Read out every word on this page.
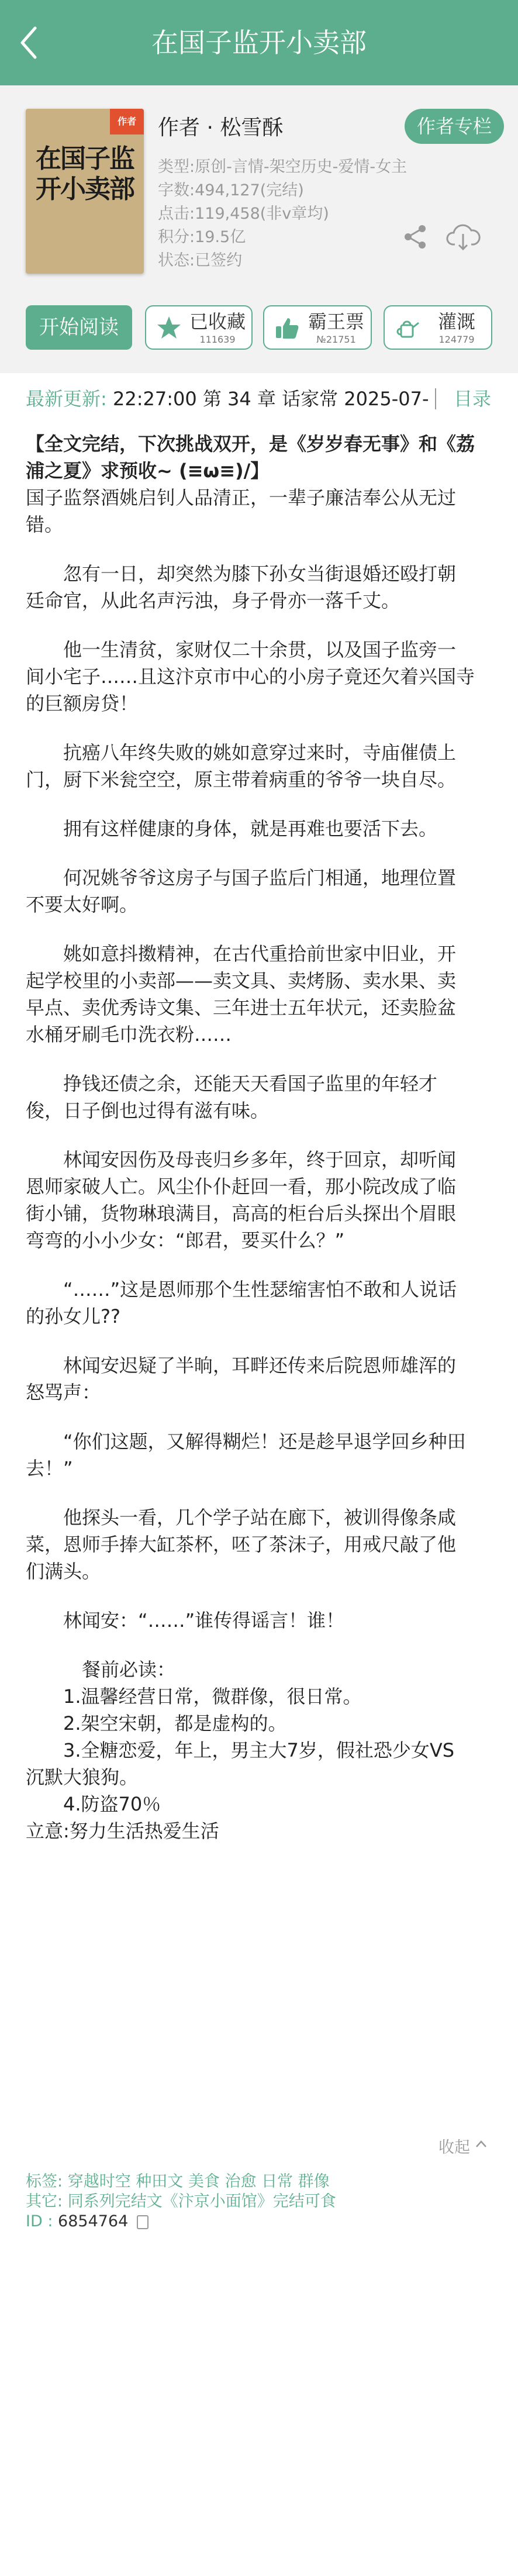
在国子监开小卖部
作者
在国子监开小卖部
作者 · 松雪酥	作者专栏
类型:原创-言情-架空历史-爱情-女主
字数:494,127(完结)
点击:119,458(非v章均)
积分:19.5亿
状态:已签约
开始阅读	已收藏
111639
霸王票
№21751
灌溉
124779
最新更新: 22:27:00 第 34 章 话家常 2025-07-	目录
【全文完结，下次挑战双开，是《岁岁春无事》和《荔
浦之夏》求预收~ (≡ω≡)/】
国子监祭酒姚启钊人品清正，一辈子廉洁奉公从无过
错。
　　忽有一日，却突然为膝下孙女当街退婚还殴打朝
廷命官，从此名声污浊，身子骨亦一落千丈。
　　他一生清贫，家财仅二十余贯，以及国子监旁一
间小宅子……且这汴京市中心的小房子竟还欠着兴国寺
的巨额房贷！
　　抗癌八年终失败的姚如意穿过来时，寺庙催债上
门，厨下米瓮空空，原主带着病重的爷爷一块自尽。
　　拥有这样健康的身体，就是再难也要活下去。
　　何况姚爷爷这房子与国子监后门相通，地理位置
不要太好啊。
　　姚如意抖擞精神，在古代重拾前世家中旧业，开
起学校里的小卖部——卖文具、卖烤肠、卖水果、卖
早点、卖优秀诗文集、三年进士五年状元，还卖脸盆
水桶牙刷毛巾洗衣粉……
　　挣钱还债之余，还能天天看国子监里的年轻才
俊，日子倒也过得有滋有味。
　　林闻安因伤及母丧归乡多年，终于回京，却听闻
恩师家破人亡。风尘仆仆赶回一看，那小院改成了临
街小铺，货物琳琅满目，高高的柜台后头探出个眉眼
弯弯的小小少女：“郎君，要买什么？”
　　“……”这是恩师那个生性瑟缩害怕不敢和人说话
的孙女儿??
　　林闻安迟疑了半晌，耳畔还传来后院恩师雄浑的
怒骂声：
　　“你们这题，又解得糊烂！还是趁早退学回乡种田
去！”
　　他探头一看，几个学子站在廊下，被训得像条咸
菜，恩师手捧大缸茶杯，呸了茶沫子，用戒尺敲了他
们满头。
　　林闻安：“……”谁传得谣言！谁！
　　　餐前必读：
　　1.温馨经营日常，微群像，很日常。
　　2.架空宋朝，都是虚构的。
　　3.全糖恋爱，年上，男主大7岁，假社恐少女VS
沉默大狼狗。
　　4.防盗70％
立意:努力生活热爱生活
收起
标签: 穿越时空 种田文 美食 治愈 日常 群像
其它: 同系列完结文《汴京小面馆》完结可食
ID : 6854764
